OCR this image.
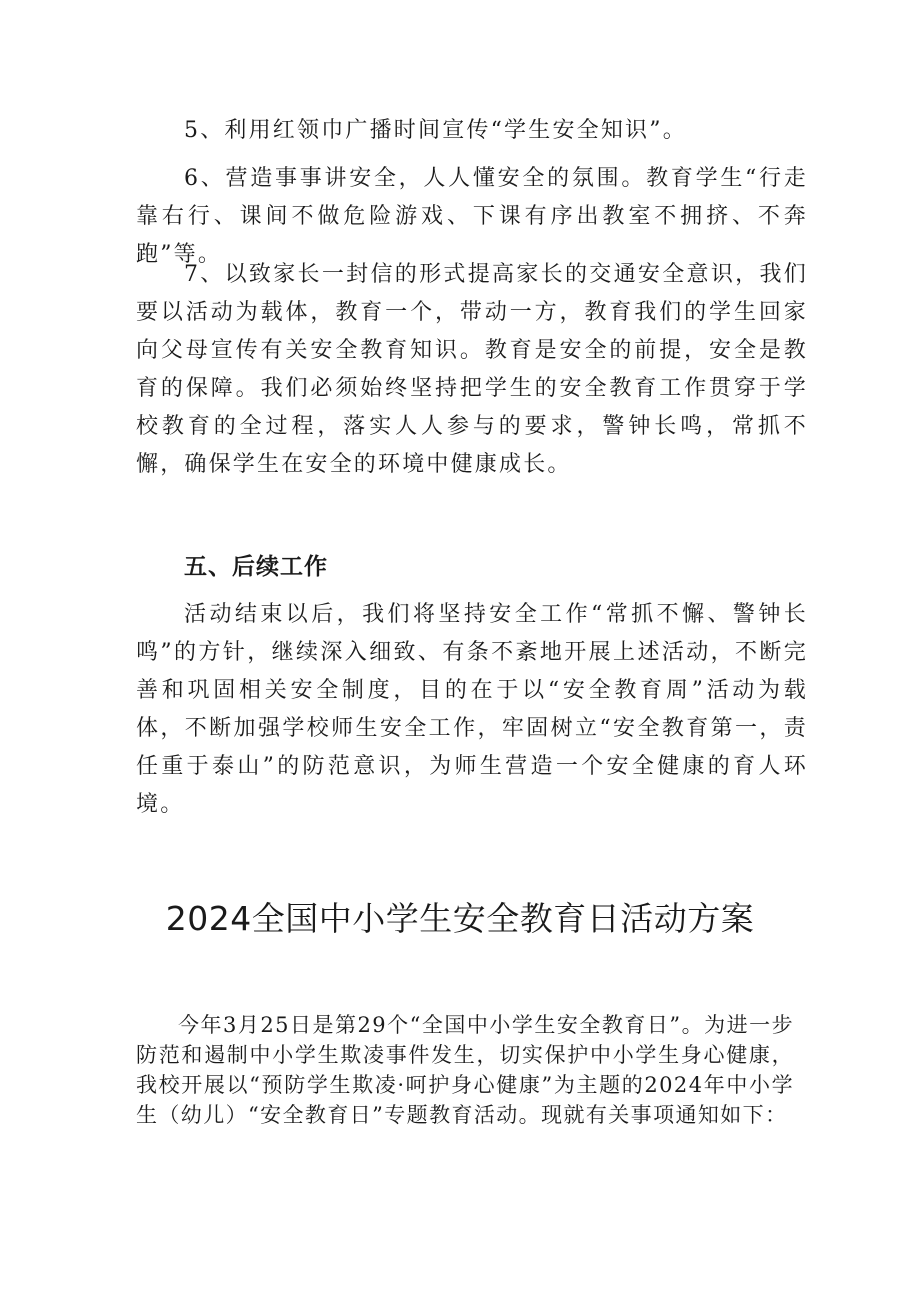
5、利用红领巾广播时间宣传“学生安全知识”。

6、营造事事讲安全，人人懂安全的氛围。教育学生“行走靠右行、课间不做危险游戏、下课有序出教室不拥挤、不奔跑”等。

7、以致家长一封信的形式提高家长的交通安全意识，我们要以活动为载体，教育一个，带动一方，教育我们的学生回家向父母宣传有关安全教育知识。教育是安全的前提，安全是教育的保障。我们必须始终坚持把学生的安全教育工作贯穿于学校教育的全过程，落实人人参与的要求，警钟长鸣，常抓不懈，确保学生在安全的环境中健康成长。

五、后续工作

活动结束以后，我们将坚持安全工作“常抓不懈、警钟长鸣”的方针，继续深入细致、有条不紊地开展上述活动，不断完善和巩固相关安全制度，目的在于以“安全教育周”活动为载体，不断加强学校师生安全工作，牢固树立“安全教育第一，责任重于泰山”的防范意识，为师生营造一个安全健康的育人环境。

2024全国中小学生安全教育日活动方案

今年3月25日是第29个“全国中小学生安全教育日”。为进一步防范和遏制中小学生欺凌事件发生，切实保护中小学生身心健康，我校开展以“预防学生欺凌·呵护身心健康”为主题的2024年中小学生（幼儿）“安全教育日”专题教育活动。现就有关事项通知如下：
